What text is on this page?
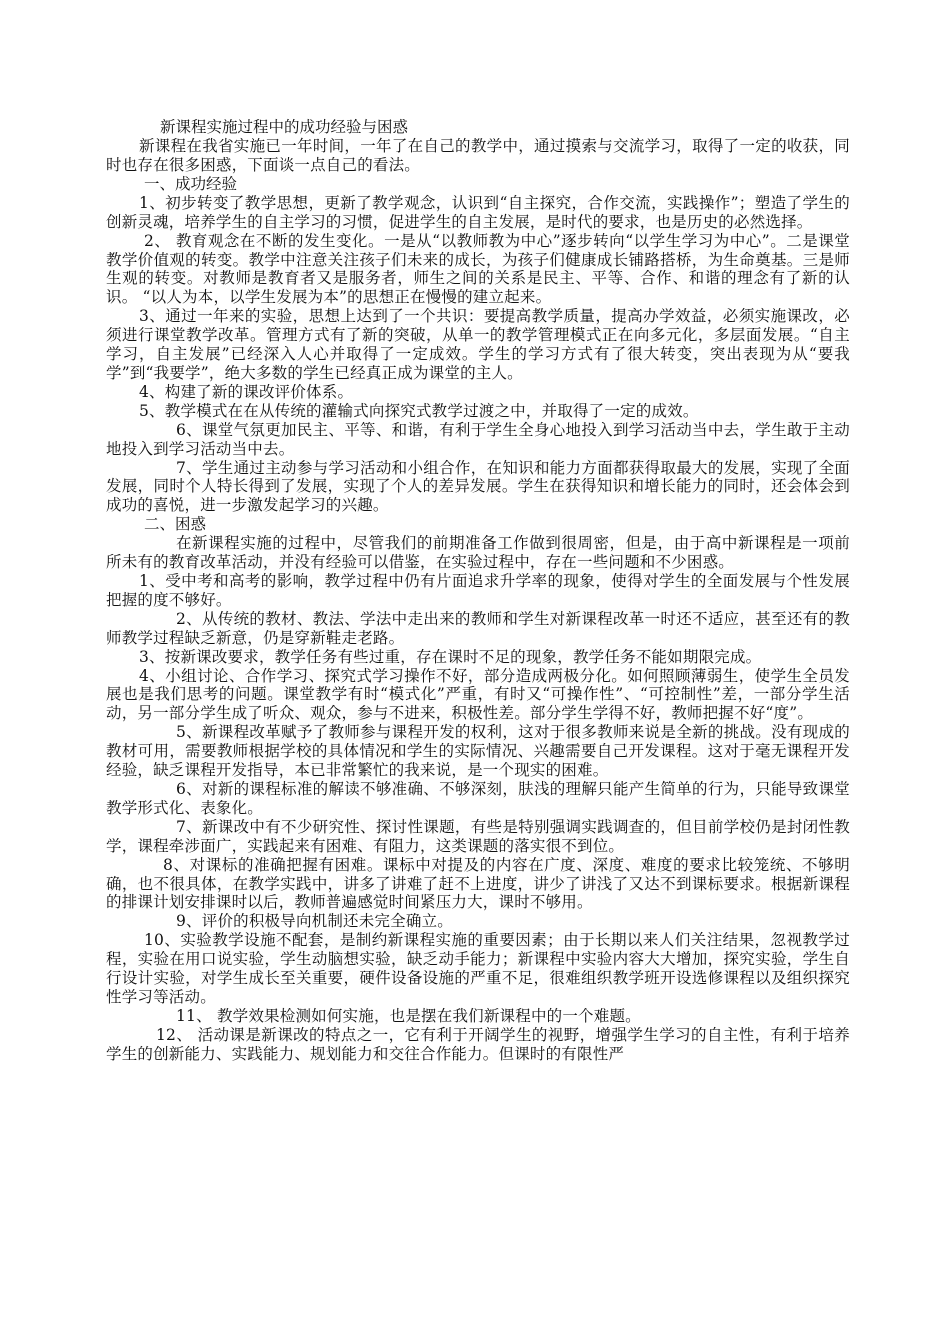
新课程实施过程中的成功经验与困惑

新课程在我省实施已一年时间，一年了在自己的教学中，通过摸索与交流学习，取得了一定的收获，同时也存在很多困惑，下面谈一点自己的看法。

一、成功经验

1、初步转变了教学思想，更新了教学观念，认识到“自主探究，合作交流，实践操作”；塑造了学生的创新灵魂，培养学生的自主学习的习惯，促进学生的自主发展，是时代的要求，也是历史的必然选择。

2、 教育观念在不断的发生变化。一是从“以教师教为中心”逐步转向“以学生学习为中心”。二是课堂教学价值观的转变。教学中注意关注孩子们未来的成长，为孩子们健康成长铺路搭桥，为生命奠基。三是师生观的转变。对教师是教育者又是服务者，师生之间的关系是民主、平等、合作、和谐的理念有了新的认识。 “以人为本，以学生发展为本”的思想正在慢慢的建立起来。

3、通过一年来的实验，思想上达到了一个共识：要提高教学质量，提高办学效益，必须实施课改，必须进行课堂教学改革。管理方式有了新的突破，从单一的教学管理模式正在向多元化，多层面发展。“自主学习，自主发展”已经深入人心并取得了一定成效。学生的学习方式有了很大转变，突出表现为从“要我学”到“我要学”，绝大多数的学生已经真正成为课堂的主人。

4、构建了新的课改评价体系。

5、教学模式在在从传统的灌输式向探究式教学过渡之中，并取得了一定的成效。

6、课堂气氛更加民主、平等、和谐，有利于学生全身心地投入到学习活动当中去，学生敢于主动地投入到学习活动当中去。

7、学生通过主动参与学习活动和小组合作，在知识和能力方面都获得取最大的发展，实现了全面发展，同时个人特长得到了发展，实现了个人的差异发展。学生在获得知识和增长能力的同时，还会体会到成功的喜悦，进一步激发起学习的兴趣。

二、困惑

在新课程实施的过程中，尽管我们的前期准备工作做到很周密，但是，由于高中新课程是一项前所未有的教育改革活动，并没有经验可以借鉴，在实验过程中，存在一些问题和不少困惑。

1、受中考和高考的影响，教学过程中仍有片面追求升学率的现象，使得对学生的全面发展与个性发展把握的度不够好。

2、从传统的教材、教法、学法中走出来的教师和学生对新课程改革一时还不适应，甚至还有的教师教学过程缺乏新意，仍是穿新鞋走老路。

3、按新课改要求，教学任务有些过重，存在课时不足的现象，教学任务不能如期限完成。

4、小组讨论、合作学习、探究式学习操作不好，部分造成两极分化。如何照顾薄弱生，使学生全员发展也是我们思考的问题。课堂教学有时“模式化”严重，有时又“可操作性”、“可控制性”差，一部分学生活动，另一部分学生成了听众、观众，参与不进来，积极性差。部分学生学得不好，教师把握不好“度”。

5、新课程改革赋予了教师参与课程开发的权利，这对于很多教师来说是全新的挑战。没有现成的教材可用，需要教师根据学校的具体情况和学生的实际情况、兴趣需要自己开发课程。这对于毫无课程开发经验，缺乏课程开发指导，本已非常繁忙的我来说，是一个现实的困难。

6、对新的课程标准的解读不够准确、不够深刻，肤浅的理解只能产生简单的行为，只能导致课堂教学形式化、表象化。

7、新课改中有不少研究性、探讨性课题，有些是特别强调实践调查的，但目前学校仍是封闭性教学，课程牵涉面广，实践起来有困难、有阻力，这类课题的落实很不到位。

8、对课标的准确把握有困难。课标中对提及的内容在广度、深度、难度的要求比较笼统、不够明确，也不很具体，在教学实践中，讲多了讲难了赶不上进度，讲少了讲浅了又达不到课标要求。根据新课程的排课计划安排课时以后，教师普遍感觉时间紧压力大，课时不够用。

9、评价的积极导向机制还未完全确立。

10、实验教学设施不配套，是制约新课程实施的重要因素；由于长期以来人们关注结果，忽视教学过程，实验在用口说实验，学生动脑想实验，缺乏动手能力；新课程中实验内容大大增加，探究实验，学生自行设计实验，对学生成长至关重要，硬件设备设施的严重不足，很难组织教学班开设选修课程以及组织探究性学习等活动。

11、 教学效果检测如何实施，也是摆在我们新课程中的一个难题。

12、 活动课是新课改的特点之一，它有利于开阔学生的视野，增强学生学习的自主性，有利于培养学生的创新能力、实践能力、规划能力和交往合作能力。但课时的有限性严
